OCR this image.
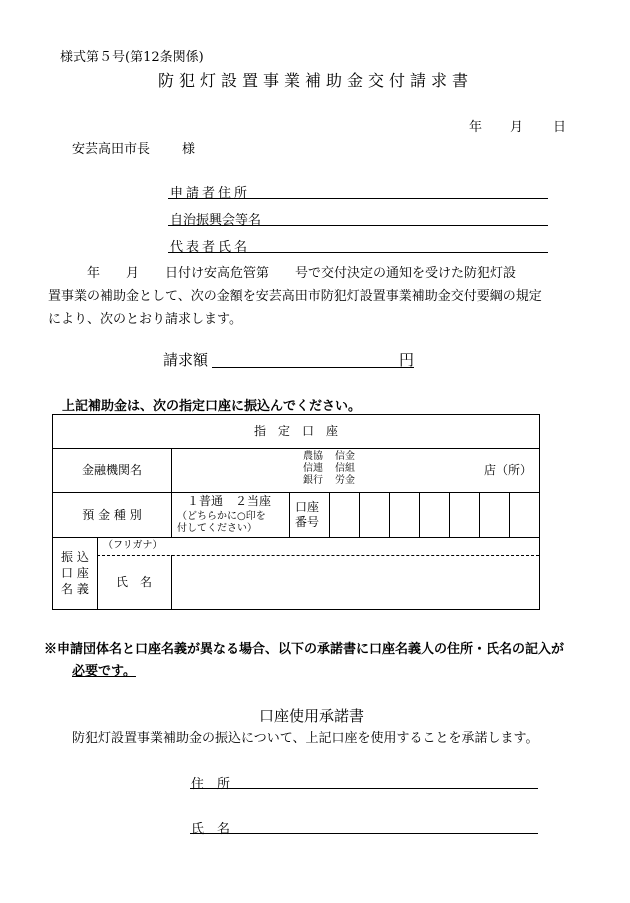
様式第５号(第12条関係)
防犯灯設置事業補助金交付請求書
年 月 日
安芸高田市長 様
申請者住所
自治振興会等名
代表者氏名
　　　年　　月　　日付け安高危管第　　号で交付決定の通知を受けた防犯灯設
置事業の補助金として、次の金額を安芸高田市防犯灯設置事業補助金交付要綱の規定
により、次のとおり請求します。
請求額	円
上記補助金は、次の指定口座に振込んでください。
指　定　口　座
金融機関名
農協
信連
銀行
信金
信組
労金
店（所）
預 金 種 別
１普通　２当座
（どちらかに○印を
付してください）
口座
番号
振 込
口 座
名 義
（フリガナ）
氏　名
※申請団体名と口座名義が異なる場合、以下の承諾書に口座名義人の住所・氏名の記入が
必要です。
口座使用承諾書
防犯灯設置事業補助金の振込について、上記口座を使用することを承諾します。
住　所
氏　名
